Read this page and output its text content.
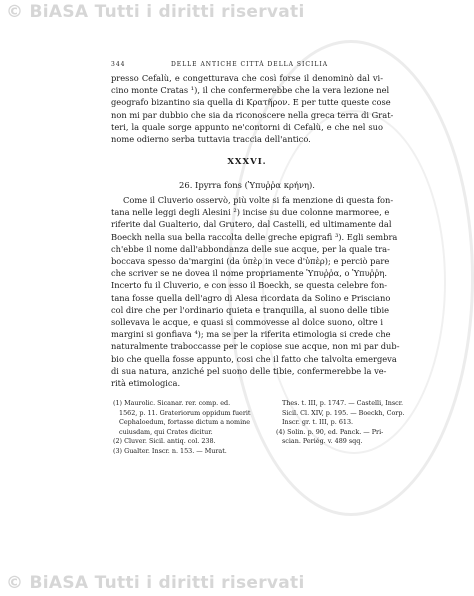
© BiASA Tutti i diritti riservati
344	DELLE ANTICHE CITTÀ DELLA SICILIA
presso Cefalù, e congetturava che così forse il denominò dal vi-
cino monte Cratas ¹), il che confermerebbe che la vera lezione nel
geografo bizantino sia quella di Κρατῆρον. E per tutte queste cose
non mi par dubbio che sia da riconoscere nella greca terra di Grat-
teri, la quale sorge appunto ne'contorni di Cefalù, e che nel suo
nome odierno serba tuttavia traccia dell'antico.
XXXVI.
26. Ipyrra fons (Ὑπυῤῥα κρήνη).
Come il Cluverio osservò, più volte si fa menzione di questa fon-
tana nelle leggi degli Alesini ²) incise su due colonne marmoree, e
riferite dal Gualterio, dal Grutero, dal Castelli, ed ultimamente dal
Boeckh nella sua bella raccolta delle greche epigrafi ³). Egli sembra
ch'ebbe il nome dall'abbondanza delle sue acque, per la quale tra-
boccava spesso da'margini (da ὑπὲρ in vece d'ὑπὲρ); e perciò pare
che scriver se ne dovea il nome propriamente Ὑπυῤῥα, o Ὑπυῤῥη.
Incerto fu il Cluverio, e con esso il Boeckh, se questa celebre fon-
tana fosse quella dell'agro di Alesa ricordata da Solino e Prisciano
col dire che per l'ordinario quieta e tranquilla, al suono delle tibie
sollevava le acque, e quasi si commovesse al dolce suono, oltre i
margini si gonfiava ⁴); ma se per la riferita etimologia si crede che
naturalmente traboccasse per le copiose sue acque, non mi par dub-
bio che quella fosse appunto, cosi che il fatto che talvolta emergeva
di sua natura, anziché pel suono delle tibie, confermerebbe la ve-
rità etimologica.
(1) Maurolic. Sicanar. rer. comp. ed.
1562, p. 11. Grateriorum oppidum fuerit
Cephaloedum, fortasse dictum a nomine
cuiusdam, qui Crates dicitur.
(2) Cluver. Sicil. antiq. col. 238.
(3) Gualter. Inscr. n. 153. — Murat.
Thes. t. III, p. 1747. — Castelli, Inscr.
Sicil. Cl. XIV, p. 195. — Boeckh, Corp.
Inscr. gr. t. III, p. 613.
(4) Solin. p. 90, ed. Panck. — Pri-
scian. Periég. v. 489 sqq.
© BiASA Tutti i diritti riservati
